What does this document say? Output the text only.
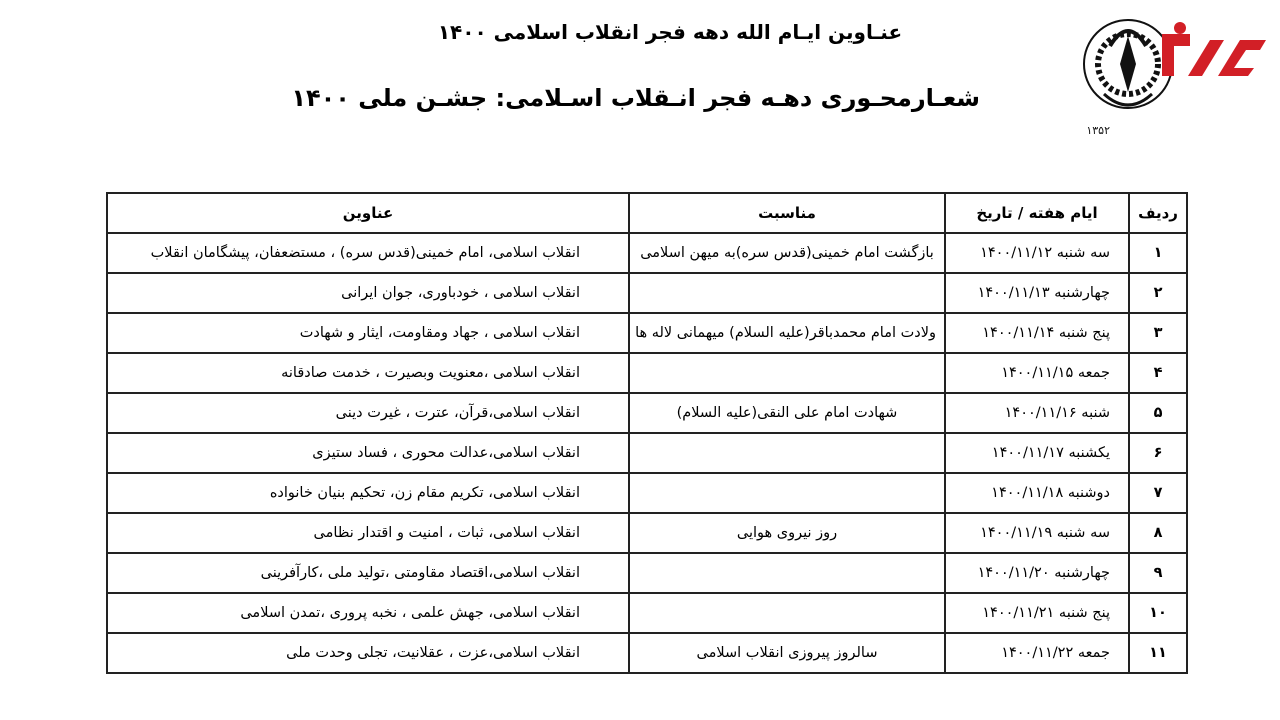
عنـاوین ایـام الله دهه فجر انقلاب اسلامی ۱۴۰۰
شعـارمحـوری دهـه فجر انـقلاب اسـلامی: جشـن ملی ۱۴۰۰
۱۳۵۲
ردیف	ایام هفته / تاریخ	مناسبت	عناوین
۱	سه شنبه ۱۴۰۰/۱۱/۱۲	بازگشت امام خمینی(قدس سره)به میهن اسلامی	انقلاب اسلامی، امام خمینی(قدس سره) ، مستضعفان، پیشگامان انقلاب
۲	چهارشنبه ۱۴۰۰/۱۱/۱۳		انقلاب اسلامی ، خودباوری، جوان ایرانی
۳	پنج شنبه ۱۴۰۰/۱۱/۱۴	ولادت امام محمدباقر(علیه السلام) میهمانی لاله ها	انقلاب اسلامی ، جهاد ومقاومت، ایثار و شهادت
۴	جمعه ۱۴۰۰/۱۱/۱۵		انقلاب اسلامی ،معنویت وبصیرت ، خدمت صادقانه
۵	شنبه ۱۴۰۰/۱۱/۱۶	شهادت امام علی النقی(علیه السلام)	انقلاب اسلامی،قرآن، عترت ، غیرت دینی
۶	یکشنبه ۱۴۰۰/۱۱/۱۷		انقلاب اسلامی،عدالت محوری ، فساد ستیزی
۷	دوشنبه ۱۴۰۰/۱۱/۱۸		انقلاب اسلامی، تکریم مقام زن، تحکیم بنیان خانواده
۸	سه شنبه ۱۴۰۰/۱۱/۱۹	روز نیروی هوایی	انقلاب اسلامی، ثبات ، امنیت و اقتدار نظامی
۹	چهارشنبه ۱۴۰۰/۱۱/۲۰		انقلاب اسلامی،اقتصاد مقاومتی ،تولید ملی ،کارآفرینی
۱۰	پنج شنبه ۱۴۰۰/۱۱/۲۱		انقلاب اسلامی، جهش علمی ، نخبه پروری ،تمدن اسلامی
۱۱	جمعه ۱۴۰۰/۱۱/۲۲	سالروز پیروزی انقلاب اسلامی	انقلاب اسلامی،عزت ، عقلانیت، تجلی وحدت ملی
